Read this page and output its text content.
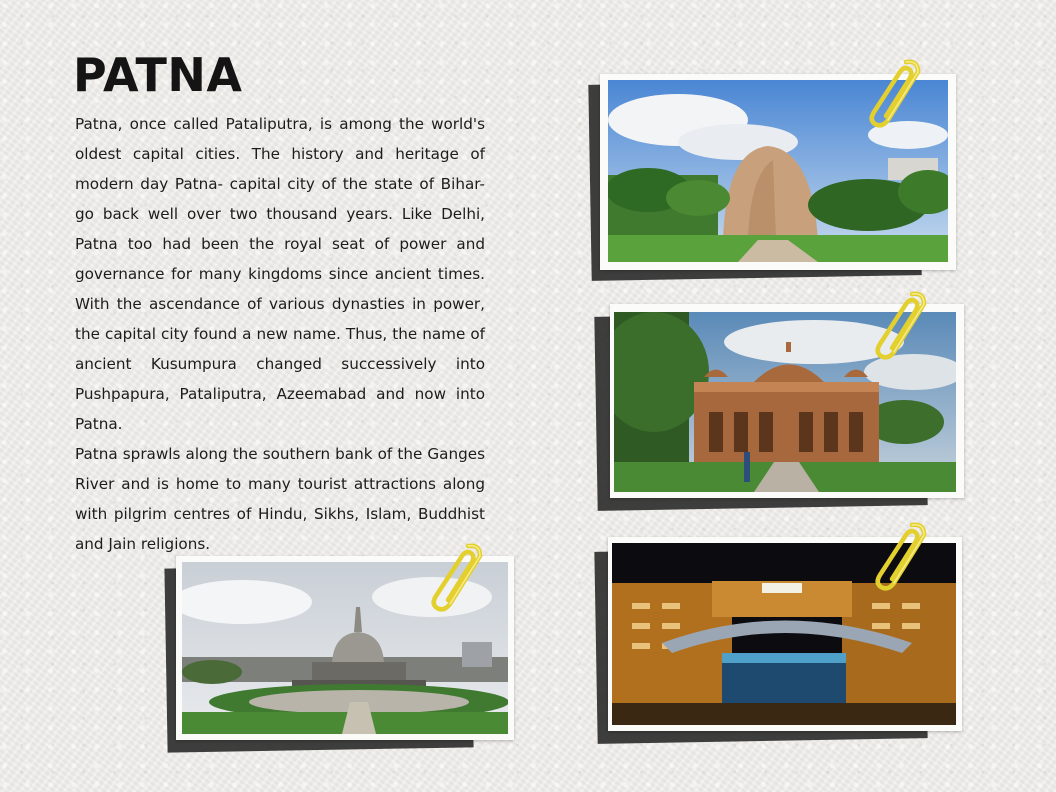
PATNA

Patna, once called Pataliputra, is among the world's oldest capital cities. The history and heritage of modern day Patna- capital city of the state of Bihar- go back well over two thousand years. Like Delhi, Patna too had been the royal seat of power and governance for many kingdoms since ancient times. With the ascendance of various dynasties in power, the capital city found a new name. Thus, the name of ancient Kusumpura changed successively into Pushpapura, Pataliputra, Azeemabad and now into Patna.

Patna sprawls along the southern bank of the Ganges River and is home to many tourist attractions along with pilgrim centres of Hindu, Sikhs, Islam, Buddhist and Jain religions.
